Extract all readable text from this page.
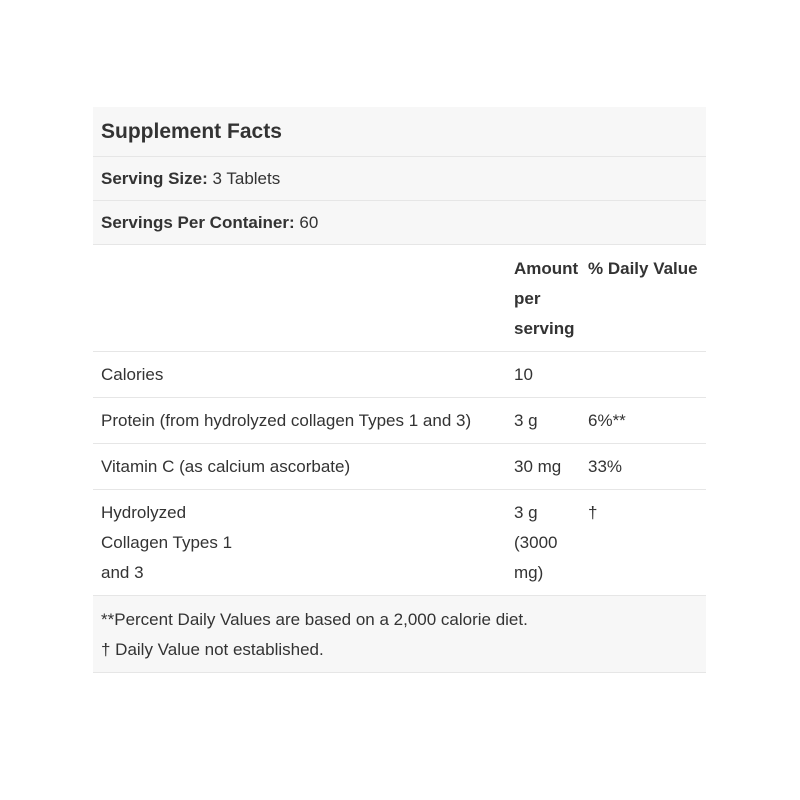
Supplement Facts		
Serving Size: 3 Tablets		
Servings Per Container: 60		
	Amount per serving	% Daily Value
Calories	10	
Protein (from hydrolyzed collagen Types 1 and 3)	3 g	6%**
Vitamin C (as calcium ascorbate)	30 mg	33%
Hydrolyzed Collagen Types 1 and 3	3 g (3000 mg)	†

**Percent Daily Values are based on a 2,000 calorie diet.
† Daily Value not established.		
